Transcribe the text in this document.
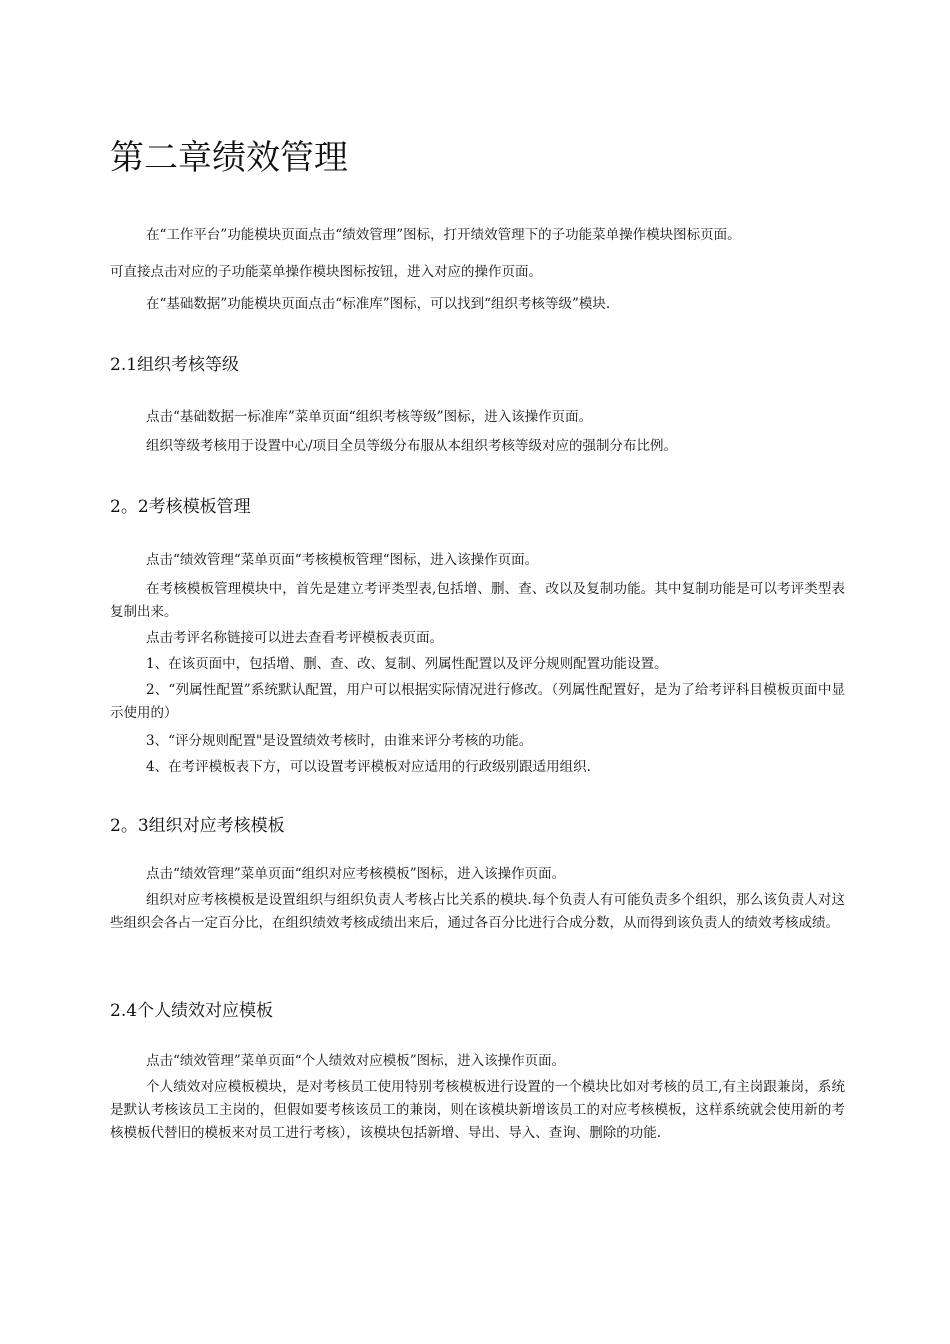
第二章绩效管理

在“工作平台”功能模块页面点击“绩效管理”图标，打开绩效管理下的子功能菜单操作模块图标页面。

可直接点击对应的子功能菜单操作模块图标按钮，进入对应的操作页面。

在“基础数据”功能模块页面点击“标准库”图标，可以找到“组织考核等级”模块.

2.1组织考核等级

点击“基础数据一标准库”菜单页面“组织考核等级”图标，进入该操作页面。

组织等级考核用于设置中心/项目全员等级分布服从本组织考核等级对应的强制分布比例。

2。2考核模板管理

点击“绩效管理“菜单页面“考核模板管理“图标，进入该操作页面。

在考核模板管理模块中，首先是建立考评类型表,包括增、删、查、改以及复制功能。其中复制功能是可以考评类型表复制出来。

点击考评名称链接可以进去查看考评模板表页面。

1、在该页面中，包括增、删、查、改、复制、列属性配置以及评分规则配置功能设置。

2、“列属性配置”系统默认配置，用户可以根据实际情况进行修改。（列属性配置好，是为了给考评科目模板页面中显示使用的）

3、“评分规则配置"是设置绩效考核时，由谁来评分考核的功能。

4、在考评模板表下方，可以设置考评模板对应适用的行政级别跟适用组织.

2。3组织对应考核模板

点击“绩效管理”菜单页面“组织对应考核模板”图标，进入该操作页面。

组织对应考核模板是设置组织与组织负责人考核占比关系的模块.每个负责人有可能负责多个组织，那么该负责人对这些组织会各占一定百分比，在组织绩效考核成绩出来后，通过各百分比进行合成分数，从而得到该负责人的绩效考核成绩。

2.4个人绩效对应模板

点击“绩效管理”菜单页面“个人绩效对应模板”图标，进入该操作页面。

个人绩效对应模板模块，是对考核员工使用特别考核模板进行设置的一个模块比如对考核的员工,有主岗跟兼岗，系统是默认考核该员工主岗的，但假如要考核该员工的兼岗，则在该模块新增该员工的对应考核模板，这样系统就会使用新的考核模板代替旧的模板来对员工进行考核），该模块包括新增、导出、导入、查询、删除的功能.
